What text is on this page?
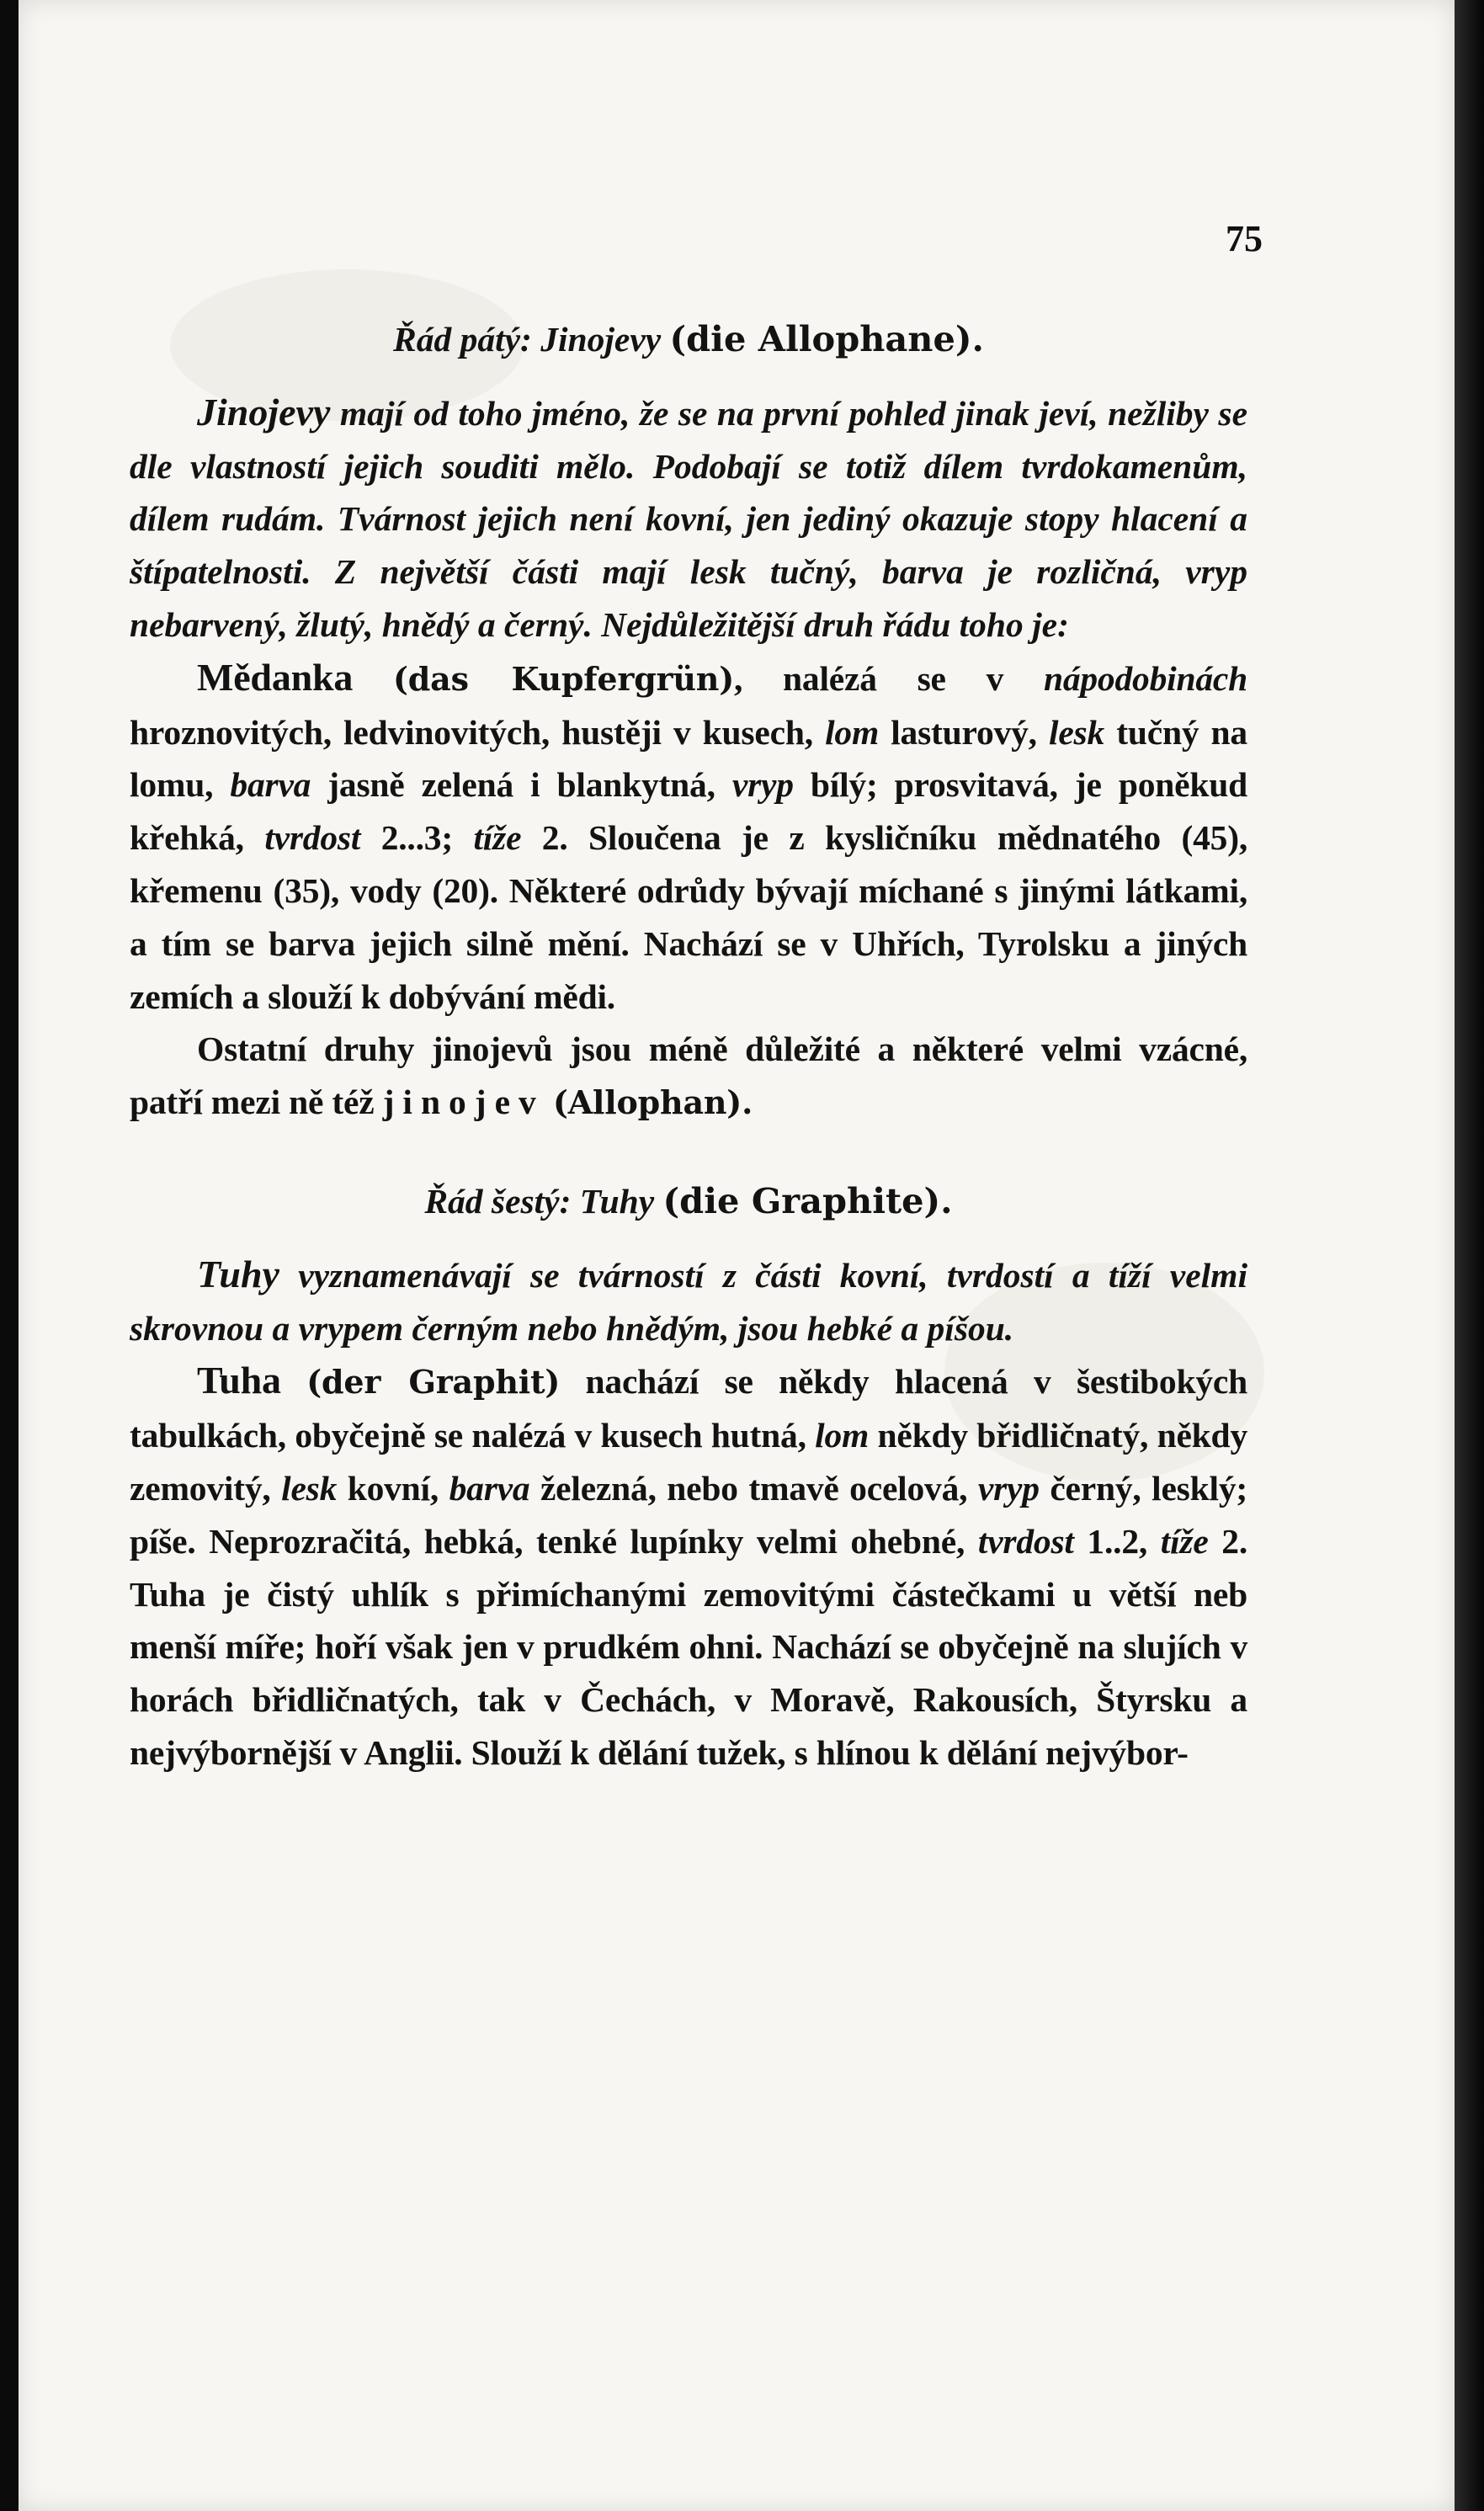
75
Řád pátý: Jinojevy (die Allophane).

Jinojevy mají od toho jméno, že se na první pohled jinak jeví, nežliby se dle vlastností jejich souditi mělo. Podobají se totiž dílem tvrdokamenům, dílem rudám. Tvárnost jejich není kovní, jen jediný okazuje stopy hlacení a štípatelnosti. Z největší části mají lesk tučný, barva je rozličná, vryp nebarvený, žlutý, hnědý a černý. Nejdůležitější druh řádu toho je:

Mědanka (das Kupfergrün), nalézá se v nápodobinách hroznovitých, ledvinovitých, hustěji v kusech, lom lasturový, lesk tučný na lomu, barva jasně zelená i blankytná, vryp bílý; prosvitavá, je poněkud křehká, tvrdost 2...3; tíže 2. Sloučena je z kysličníku mědnatého (45), křemenu (35), vody (20). Některé odrůdy bývají míchané s jinými látkami, a tím se barva jejich silně mění. Nachází se v Uhřích, Tyrolsku a jiných zemích a slouží k dobývání mědi.

Ostatní druhy jinojevů jsou méně důležité a některé velmi vzácné, patří mezi ně též jinojev (Allophan).

Řád šestý: Tuhy (die Graphite).

Tuhy vyznamenávají se tvárností z části kovní, tvrdostí a tíží velmi skrovnou a vrypem černým nebo hnědým, jsou hebké a píšou.

Tuha (der Graphit) nachází se někdy hlacená v šestibokých tabulkách, obyčejně se nalézá v kusech hutná, lom někdy břidličnatý, někdy zemovitý, lesk kovní, barva železná, nebo tmavě ocelová, vryp černý, lesklý; píše. Neprozračitá, hebká, tenké lupínky velmi ohebné, tvrdost 1..2, tíže 2. Tuha je čistý uhlík s přimíchanými zemovitými částečkami u větší neb menší míře; hoří však jen v prudkém ohni. Nachází se obyčejně na slujích v horách břidličnatých, tak v Čechách, v Moravě, Rakousích, Štyrsku a nejvýbornější v Anglii. Slouží k dělání tužek, s hlínou k dělání nejvýbor-
